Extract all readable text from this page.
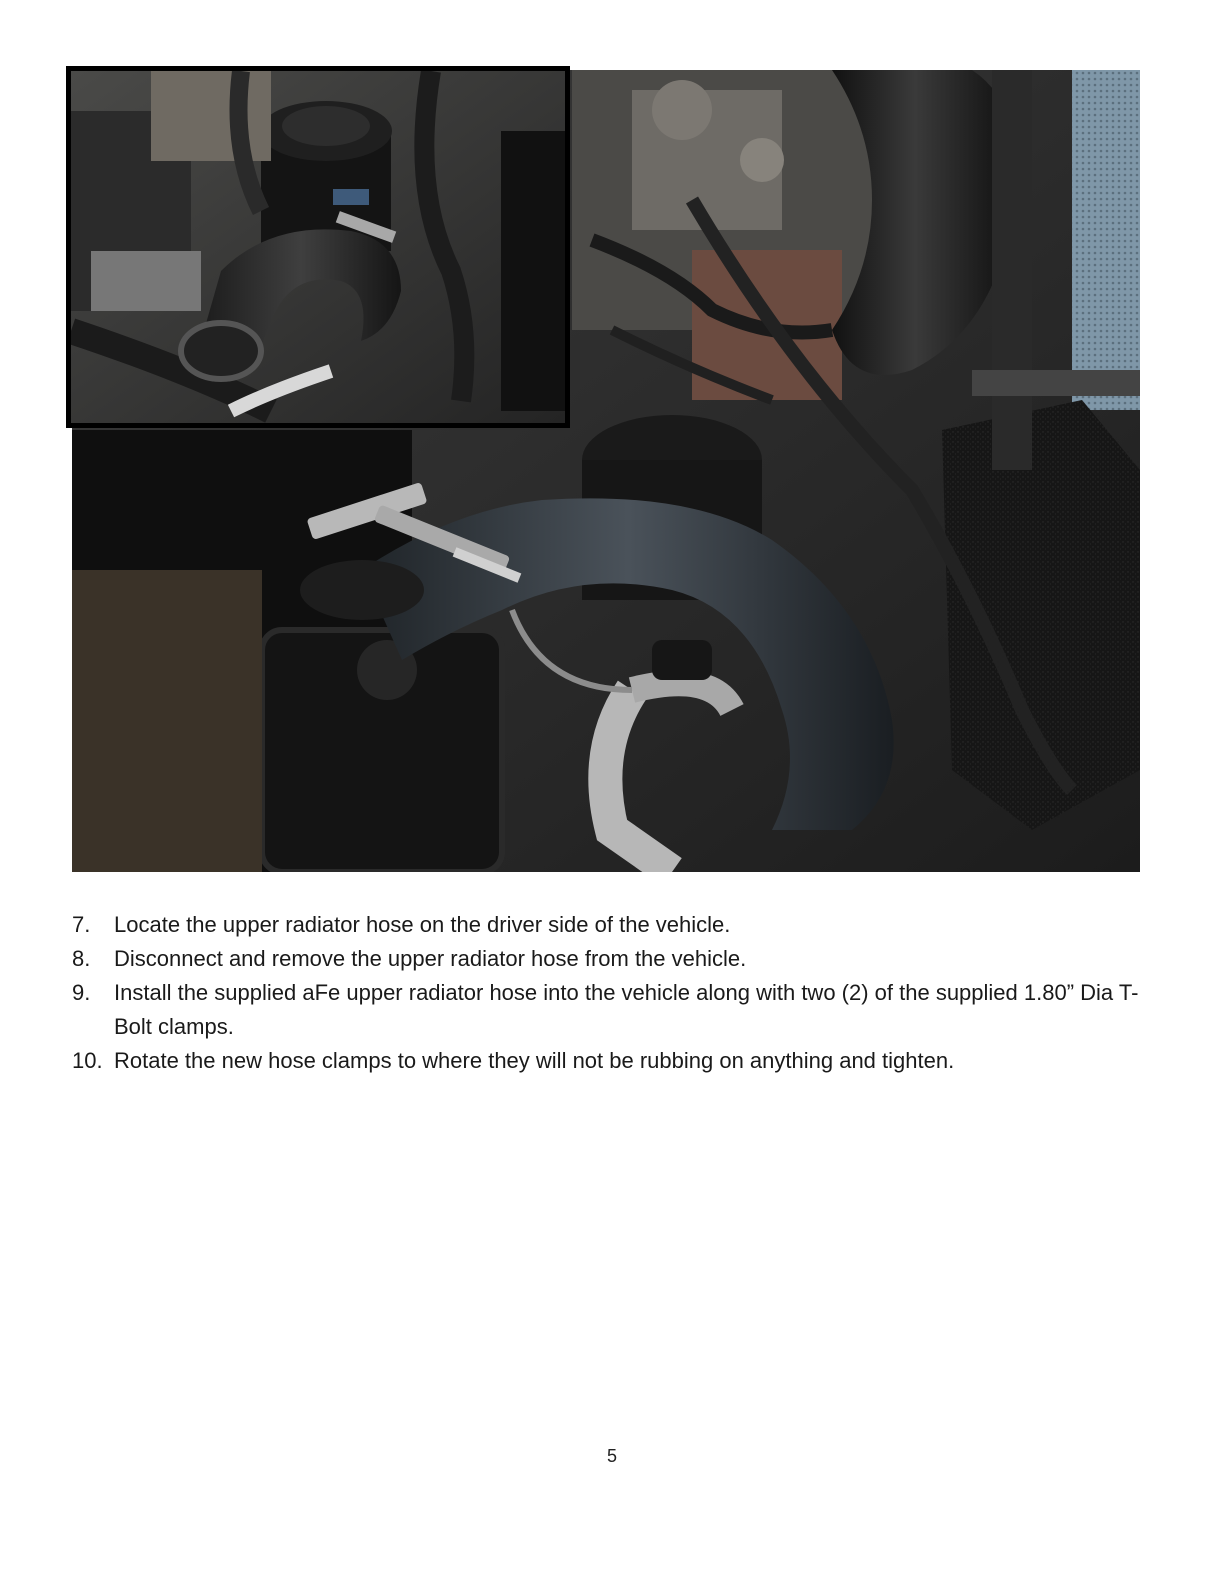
7. Locate the upper radiator hose on the driver side of the vehicle.
8. Disconnect and remove the upper radiator hose from the vehicle.
9. Install the supplied aFe upper radiator hose into the vehicle along with two (2) of the supplied 1.80” Dia T-Bolt clamps.
10. Rotate the new hose clamps to where they will not be rubbing on anything and tighten.
5
